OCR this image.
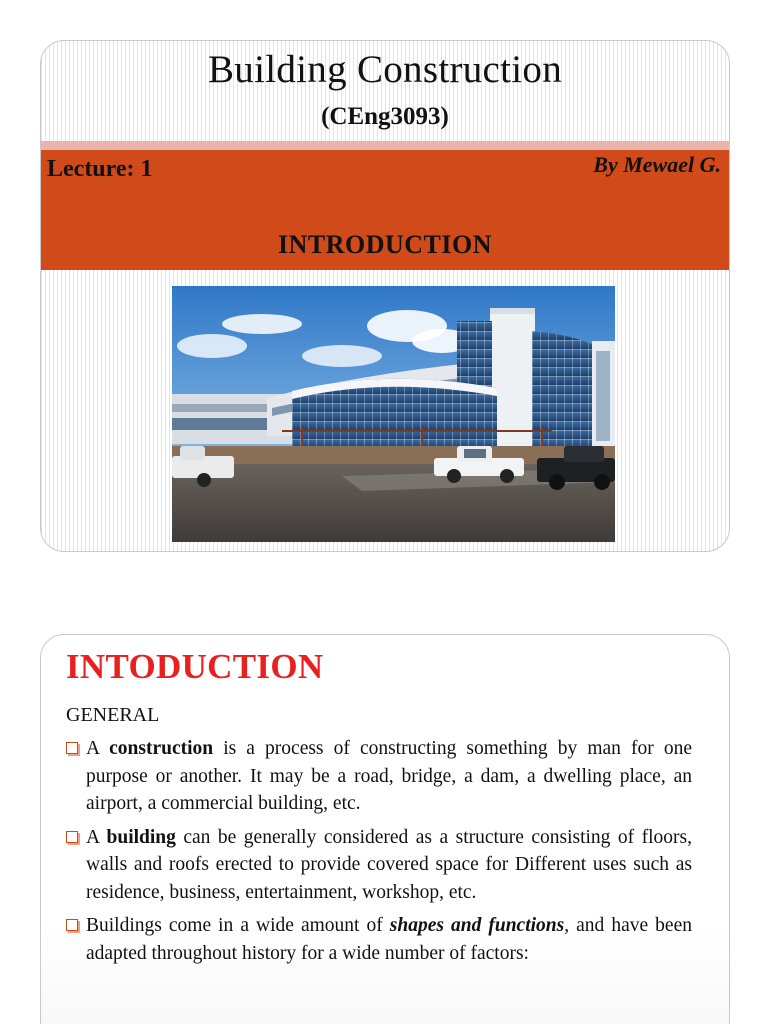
Building Construction
(CEng3093)
Lecture: 1	By Mewael G.
INTRODUCTION
INTODUCTION
GENERAL
A construction is a process of constructing something by man for one purpose or another. It may be a road, bridge, a dam, a dwelling place, an airport, a commercial building, etc.
A building can be generally considered as a structure consisting of floors, walls and roofs erected to provide covered space for Different uses such as residence, business, entertainment, workshop, etc.
Buildings come in a wide amount of shapes and functions, and have been adapted throughout history for a wide number of factors:
